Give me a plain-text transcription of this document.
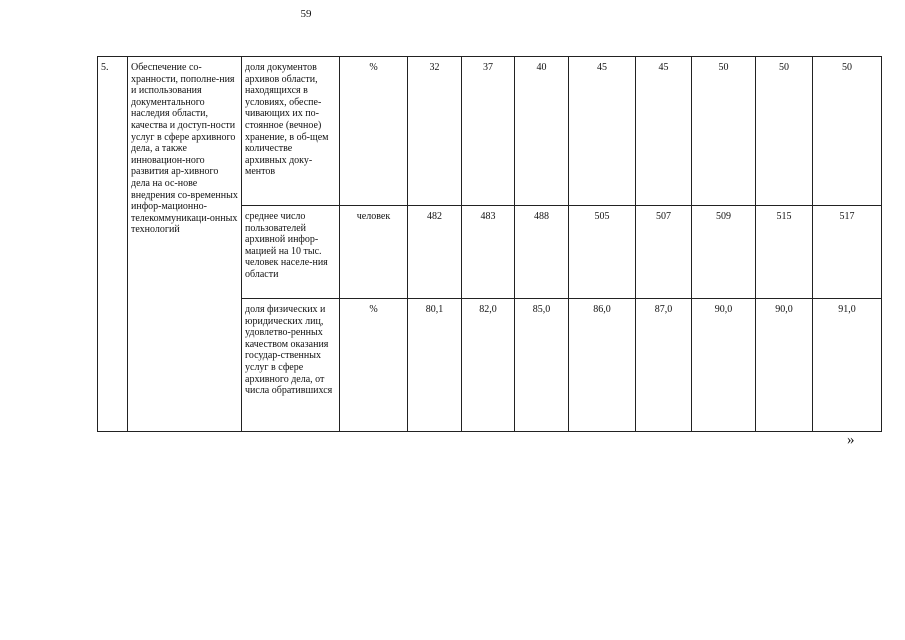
59
5.	Обеспечение со-хранности, пополне-ния и использования документального наследия области, качества и доступ-ности услуг в сфере архивного дела, а также инновацион-ного развития ар-хивного дела на ос-нове внедрения со-временных инфор-мационно-телекоммуникаци-онных технологий	доля документов архивов области, находящихся в условиях, обеспе-чивающих их по-стоянное (вечное) хранение, в об-щем количестве архивных доку-ментов	%	32	37	40	45	45	50	50	50
		среднее число пользователей архивной инфор-мацией на 10 тыс. человек населе-ния области	человек	482	483	488	505	507	509	515	517
		доля физических и юридических лиц, удовлетво-ренных качеством оказания государ-ственных услуг в сфере архивного дела, от числа обратившихся	%	80,1	82,0	85,0	86,0	87,0	90,0	90,0	91,0
»
